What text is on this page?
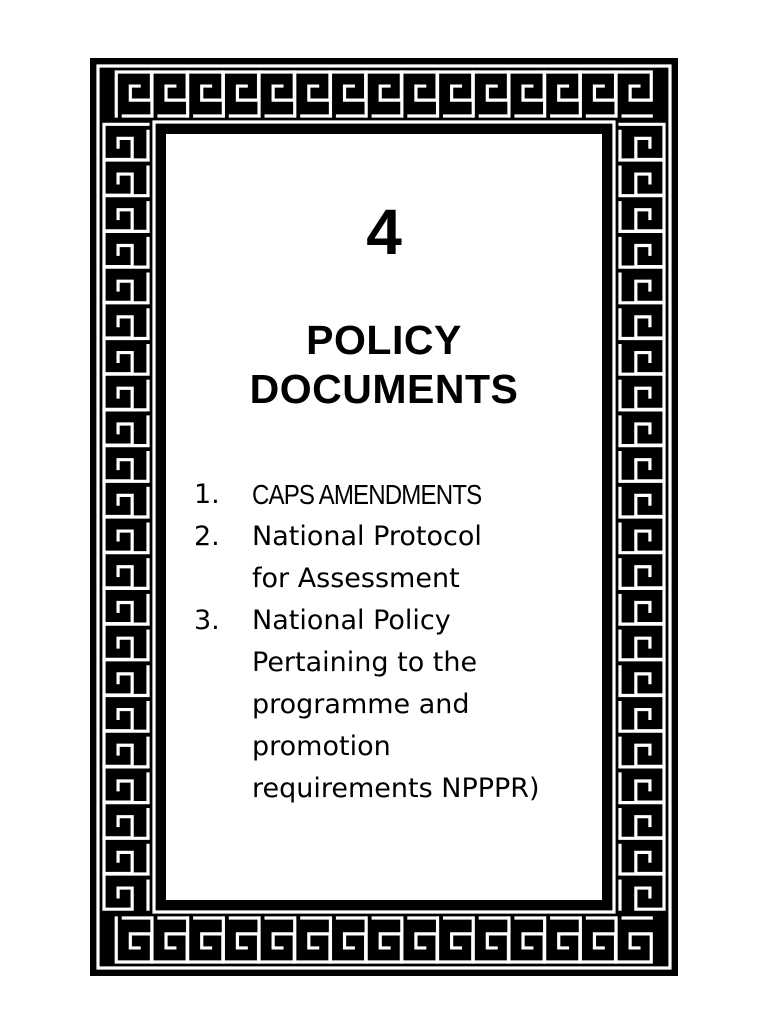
4
POLICY
DOCUMENTS
1.	CAPS AMENDMENTS
2.	National Protocol
for Assessment
3.	National Policy
Pertaining to the
programme and
promotion
requirements NPPPR)
